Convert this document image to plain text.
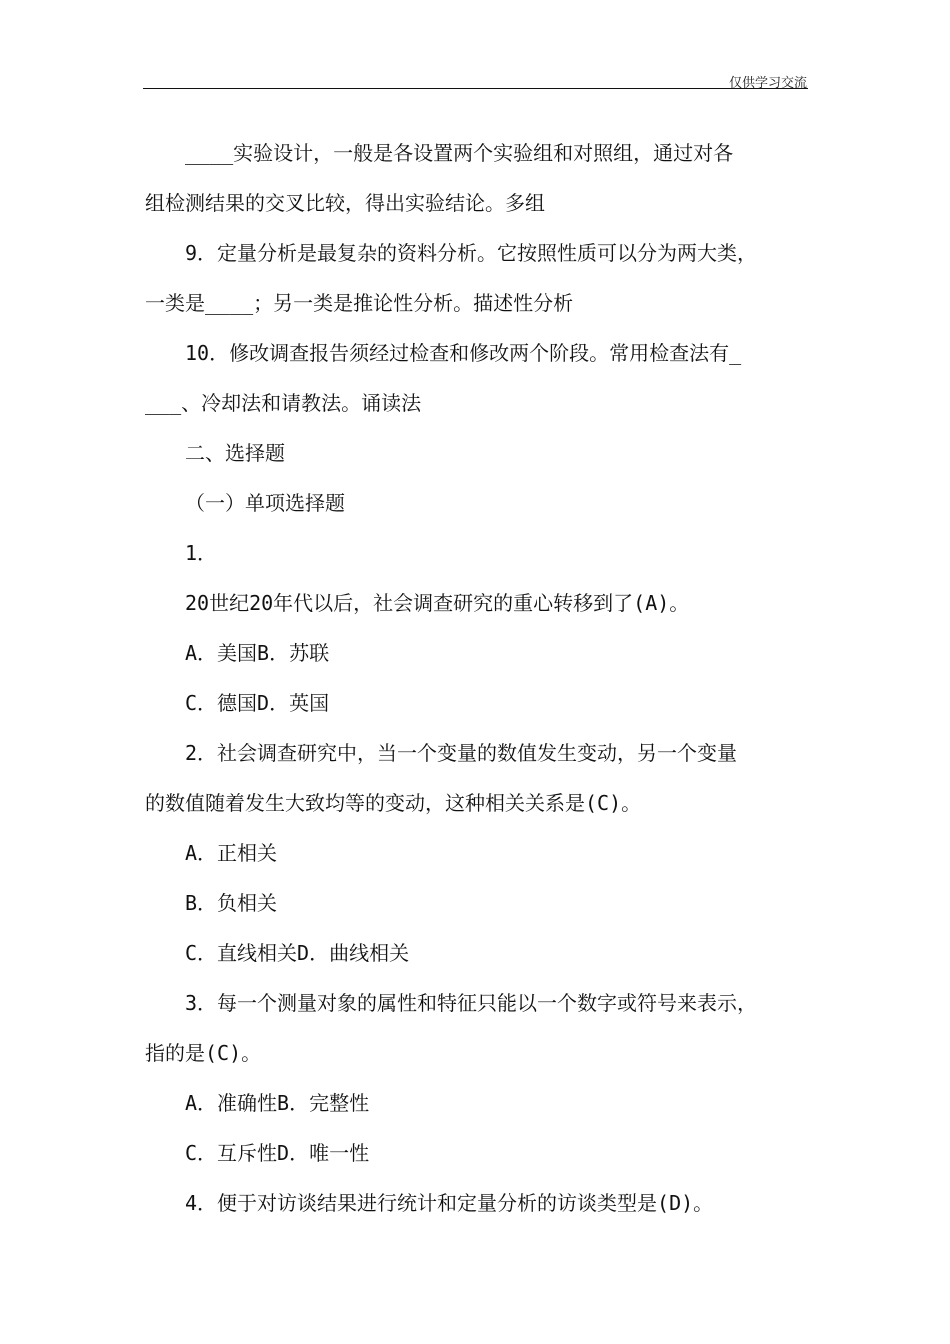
仅供学习交流
____实验设计，一般是各设置两个实验组和对照组，通过对各
组检测结果的交叉比较，得出实验结论。多组
9．定量分析是最复杂的资料分析。它按照性质可以分为两大类，
一类是____；另一类是推论性分析。描述性分析
10．修改调查报告须经过检查和修改两个阶段。常用检查法有_
___、冷却法和请教法。诵读法
二、选择题
（一）单项选择题
1．
20世纪20年代以后，社会调查研究的重心转移到了(A)。
A．美国B．苏联
C．德国D．英国
2．社会调查研究中，当一个变量的数值发生变动，另一个变量
的数值随着发生大致均等的变动，这种相关关系是(C)。
A．正相关
B．负相关
C．直线相关D．曲线相关
3．每一个测量对象的属性和特征只能以一个数字或符号来表示，
指的是(C)。
A．准确性B．完整性
C．互斥性D．唯一性
4．便于对访谈结果进行统计和定量分析的访谈类型是(D)。
